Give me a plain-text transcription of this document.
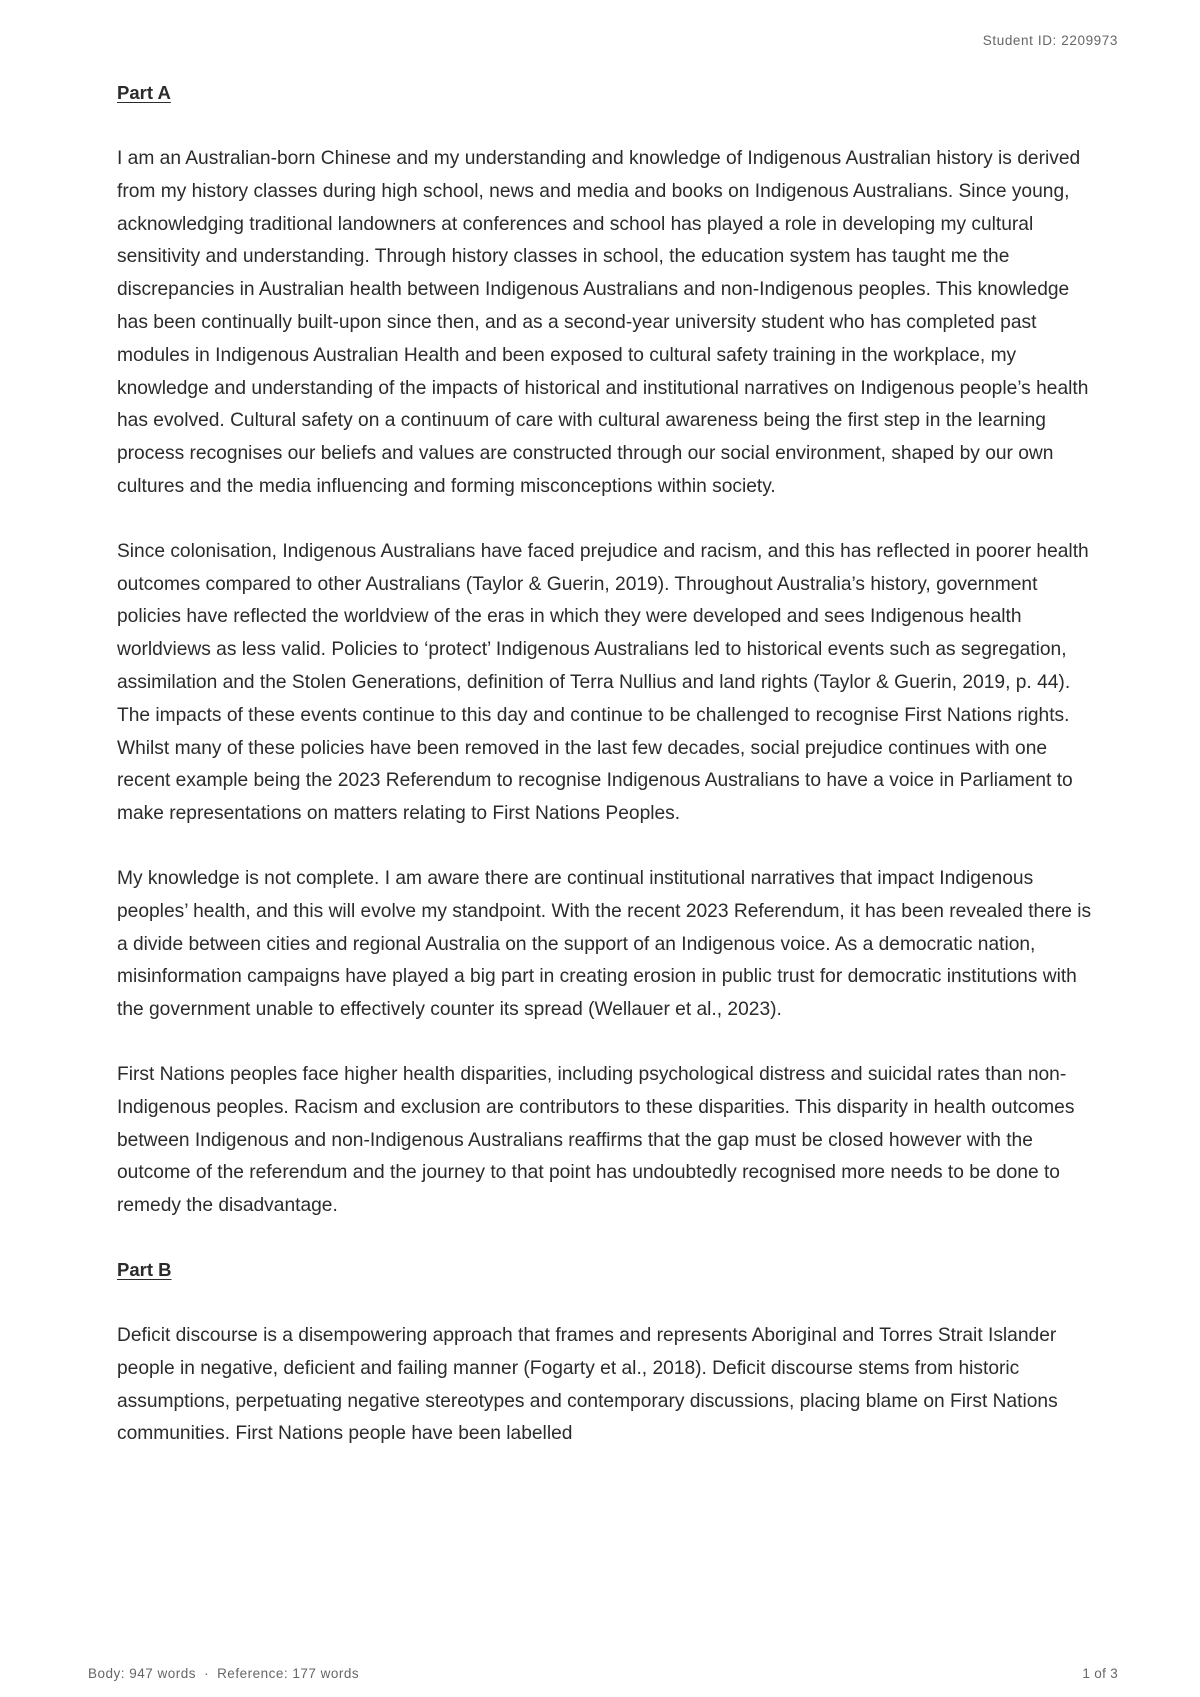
Student ID: 2209973
Part A

I am an Australian-born Chinese and my understanding and knowledge of Indigenous Australian history is derived from my history classes during high school, news and media and books on Indigenous Australians. Since young, acknowledging traditional landowners at conferences and school has played a role in developing my cultural sensitivity and understanding. Through history classes in school, the education system has taught me the discrepancies in Australian health between Indigenous Australians and non-Indigenous peoples. This knowledge has been continually built-upon since then, and as a second-year university student who has completed past modules in Indigenous Australian Health and been exposed to cultural safety training in the workplace, my knowledge and understanding of the impacts of historical and institutional narratives on Indigenous people’s health has evolved. Cultural safety on a continuum of care with cultural awareness being the first step in the learning process recognises our beliefs and values are constructed through our social environment, shaped by our own cultures and the media influencing and forming misconceptions within society.

Since colonisation, Indigenous Australians have faced prejudice and racism, and this has reflected in poorer health outcomes compared to other Australians (Taylor & Guerin, 2019). Throughout Australia’s history, government policies have reflected the worldview of the eras in which they were developed and sees Indigenous health worldviews as less valid. Policies to ‘protect’ Indigenous Australians led to historical events such as segregation, assimilation and the Stolen Generations, definition of Terra Nullius and land rights (Taylor & Guerin, 2019, p. 44). The impacts of these events continue to this day and continue to be challenged to recognise First Nations rights. Whilst many of these policies have been removed in the last few decades, social prejudice continues with one recent example being the 2023 Referendum to recognise Indigenous Australians to have a voice in Parliament to make representations on matters relating to First Nations Peoples.

My knowledge is not complete. I am aware there are continual institutional narratives that impact Indigenous peoples’ health, and this will evolve my standpoint. With the recent 2023 Referendum, it has been revealed there is a divide between cities and regional Australia on the support of an Indigenous voice. As a democratic nation, misinformation campaigns have played a big part in creating erosion in public trust for democratic institutions with the government unable to effectively counter its spread (Wellauer et al., 2023).

First Nations peoples face higher health disparities, including psychological distress and suicidal rates than non-Indigenous peoples. Racism and exclusion are contributors to these disparities. This disparity in health outcomes between Indigenous and non-Indigenous Australians reaffirms that the gap must be closed however with the outcome of the referendum and the journey to that point has undoubtedly recognised more needs to be done to remedy the disadvantage.

Part B

Deficit discourse is a disempowering approach that frames and represents Aboriginal and Torres Strait Islander people in negative, deficient and failing manner (Fogarty et al., 2018). Deficit discourse stems from historic assumptions, perpetuating negative stereotypes and contemporary discussions, placing blame on First Nations communities. First Nations people have been labelled

Body: 947 words · Reference: 177 words	1 of 3
